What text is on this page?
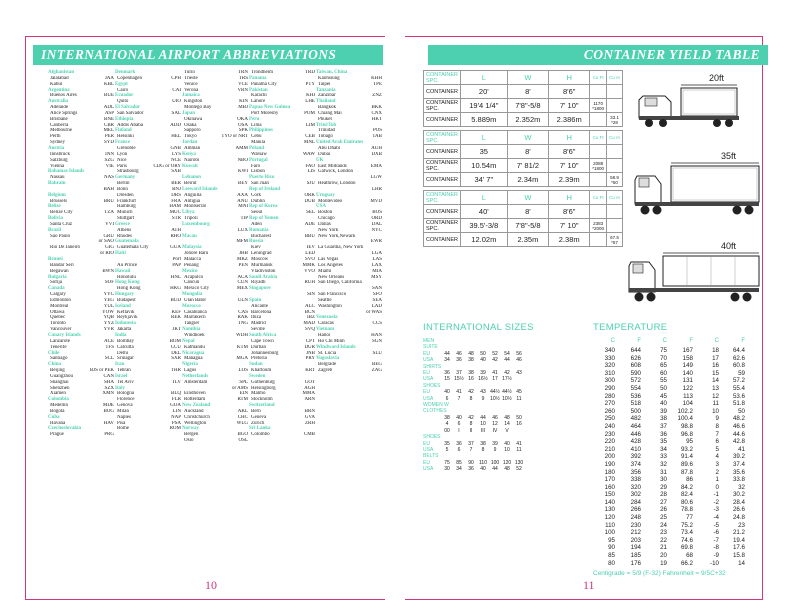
INTERNATIONAL AIRPORT ABBREVIATIONS
Afghanistan
Jalalabad	JAA
Kabul	KBL
Argentina
Buenos Aires	BUE
Australia
Adelaide	ADL
Alice Springs	ASP
Brisbane	BNE
Canberra	CBR
Melbourne	MEL
Perth	PER
Sydney	SYD
Austria
Innsbruck	INN
Salzburg	SZG
Vienna	VIE
Bahamas Islands
Nassau	NAS
Bahrain
BAH
Belgium
Brussels	BRU
Belize
Belize City	TZA
Bolivia
Santa Cruz	VVI
Brazil
Sao Paulo	GRU
or SAO
Rio De Janeiro	GIG
or RIO
Brunei
Bandar Seri
Begawan	BWN
Bulgaria
Sofija	SOF
Canada
Calgary	YYC
Edmonton	YEG
Montreal	YUL
Ottawa	YOW
Quebec	YQB
Toronto	YYZ
Vancouver	YVR
Canary Islands
Lanzarote	ACE
Tenerife	TFS
Chile
Santiago	SCL
China
Beijing	BJS or PEK
Guangzhou	CAN
Shanghai	SHA
Shenzhen	SZX
Xiamen	XMN
Colombia
Medellin	MDE
Bogota	BOG
Cuba
Havana	HAV
Czechoslovakia
Prague	PRG
Denmark
Copenhagen	CPH
Egypt
Cairo	CAI
Ecuador
Quito	UIO
El Salvador
San Salvador	SAL
Ethiopia
Addis Ababa	ADD
Finland
Helsinki	HEL
France
Grenoble	GNB
Lyon	LYS
Nice	NCE
Paris	CDG or ORY
Strasbourg	SXB
Germany
Berlin	BER
Bonn	BNJ
Dresden	DRS
Frankfurt	FRA
Hamburg	HAM
Munich	MUC
Stuttgart	STR
Greece
Athens	ATH
Rhodes	RHO
Guatemala
Guatemala City	GUA
Haiti
Port
Au Prince	PAP
Hawaii
Honolulu	HNL
Hong Kong
Hong Kong	HKG
Hungary
Budapest	BUD
Iceland
Keflavik	KEF
Reykjavik	REK
Indonesia
Jakarta	JKT
India
Bombay	BOM
Calcutta	CCU
Delhi	DEL
Srinagar	SXR
Iran
Tehran	THR
Israel
Tel Aviv	TLV
Italy
Bologna	BLQ
Florence	FLR
Genova	GOA
Milan	LIN
Naples	NAP
Pisa	PSA
Rome	ROM
Turin	TRN
Trieste	TRS
Venice	VCE
Verona	VRN
Jamaica
Kingston	KIN
Montego Bay	MBJ
Japan
Okinawa	OKA
Osaka	OSA
Sapporo	SPK
Tokyo	TYO or NRT
Jordan
Amman	AMM
Kenya
Nairobi	NBO
Kuwait
KWI
Lebanon
Beirut	BEY
Leeward Islands
Anguilla	AXA
Antigua	ANU
Montserrat	MNI
Libya
Tripoli	TIP
Luxembourg
LUX
Macau
MFM
Malaysia
Johore Baru	JHB
Malacca	MKZ
Penang	PEN
Mexico
Acapulco	ACA
Cancun	CUN
Mexico City	MEX
Mongolia
Ulan Bator	ULN
Morocco
Casablanca	CAS
Marrakech	RAK
Tangier	TNG
Namibia
Windhoek	WDH
Nepal
Katmandu	KTM
Nicaragua
Managua	MGA
Nigeria
Lagos	LOS
Netherlands
Amsterdam	SPL
or AMS
Eindhoven	EIN
Rotterdam	RTM
New Zealand
Auckland	AKL
Christchurch	CHC
Wellington	WLG
Norway
Bergen	BGO
Oslo	OSL
Trondheim	TRD
Panama
Panama City	PTY
Pakistan
Karachi	KHI
Lahore	LHE
Papua New Guinea
Port Moresby	POM
Peru
Lima	LIM
Philippines
Cebu	CEB
Manila	MNL
Poland
Warsaw	WAW
Portugal
Faro	FAO
Lisbon	LIS
Puerto Rico
San Juan	SJU
Rep of Ireland
Cork	ORK
Dublin	DUB
Rep of Korea
Seoul	SEL
Rep of Yemen
Aden	ADE
Romania
Bucharest	BBU
Russia
Kiev	IEV
Leningrad	LED
Moscow	SVO
Murmansk	MMK
Vladivostok	VVO
Saudi Arabia
Riyadh	RUH
Singapore
SIN
Spain
Alicante	ALC
Barcelona	BCN
Ibiza	IBZ
Madrid	MAD
Seville	SVQ
South Africa
Cape Town	CPT
Durban	DUR
Johannesburg	JNB
Pretoria	PRY
Sudan
Khartoum	KRT
Sweden
Gothenburg	GOT
Helsingborg	AGH
Malmo	MMA
Stockholm	ARN
Switzerland
Bern	BRN
Geneva	GVA
Zurich	ZRH
Sri Lanka
Colombo	CMB
Taiwan, China
Kaohsiung	KHH
Taipei	TPE
Tanzania
Zanzibar	ZNZ
Thailand
Bangkok	BKK
Chiang Mai	CNX
Phuket	HKT
Trini/Tob
Trinidad	POS
Tobago	TAB
United Arab Emirates
Abu Dhabi	AUH
Dubai	DXB
UK
East Midlands	EMA
Gatwick, London
LGW
Heathrow, London
LHR
Uruguay
Montevideo	MVD
USA
Boston	BOS
Chicago	ORD
Dallas	DAL
New York	NYC
New York,Newark
EWR
La Guardia, New York
LGA
Las Vegas	LAS
Los Angeles	LAX
Miami	MIA
New Orleans	MSY
San Diego, California
SAN
San Francisco	SFO
Seattle	SEA
Washington	LAD
or WAS
Venezuela
Caracas	CCS
Vietnam
Hanoi	HAN
Ho Chi Minh	SGN
Windward Islands
St. Lucia	SLU
Yugoslavia
Belgrade	BEG
Zagreb	ZAG
10
CONTAINER YIELD TABLE
CONTAINER SPC.	L	W	H	Cu Ft	Cu m
CONTAINER	20'	8'	8'6"		
CONTAINER SPC.	19'4 1/4"	7'8"-5/8	7' 10"	1170 *1800	
CONTAINER	5.889m	2.352m	2.386m		33.1 *28

CONTAINER SPC.	L	W	H	Cu Ft	Cu m
CONTAINER	35	8'	8'6"		
CONTAINER SPC.	10.54m	7' 81/2	7' 10"	2088 *1800	
CONTAINER	34' 7"	2.34m	2.39m		58.9 *50

CONTAINER SPC.	L	W	H	Cu Ft	Cu m
CONTAINER	40'	8'	8'6"		
CONTAINER SPC.	39.5'-3/8	7'8"-5/8	7' 10"	2383 *2000	
CONTAINER	12.02m	2.35m	2.38m		67.5 *57
20ft
35ft
40ft
INTERNATIONAL SIZES
MEN
SUITE
EU	44	46	48	50	52	54	56
USA	34	36	38	40	42	44	46
SHIRTS
EU	36	37	38	39	41	42	43
USA	15 15½ 16 16½ 17 17½
SHOES
EU	40	41	42	43 44½ 44½ 45
USA	6	7	8	9	10½ 10½ 11
WOMEN W
CLOTHES
38	40	42	44	46	48	50
4	6	8	10	12	14	16
00	I	II	III	IV	V
SHOES
EU	35	36	37	38	39	40	41
USA	5	6	7	8	9	10	11
BELTS
EU	75	85	90	110 100 120 130
USA	30	34	36	40	44	48	52
TEMPERATURE
C	F	C	F	C	F
340	644	75	167	18	64.4
330	626	70	158	17	62.6
320	608	65	149	16	60.8
310	590	60	140	15	59
300	572	55	131	14	57.2
290	554	50	122	13	55.4
280	536	45	113	12	53.6
270	518	40	104	11	51.8
260	500	39	102.2	10	50
250	482	38	100.4	9	48.2
240	464	37	98.8	8	46.6
230	446	36	96.8	7	44.6
220	428	35	95	6	42.8
210	410	34	93.2	5	41
200	392	33	91.4	4	39.2
190	374	32	89.6	3	37.4
180	356	31	87.8	2	35.6
170	338	30	86	1	33.8
160	320	29	84.2	0	32
150	302	28	82.4	-1	30.2
140	284	27	80.6	-2	28.4
130	266	26	78.8	-3	26.6
120	248	25	77	-4	24.8
110	230	24	75.2	-5	23
100	212	23	73.4	-6	21.2
95	203	22	74.6	-7	19.4
90	194	21	69.8	-8	17.6
85	185	20	68	-9	15.8
80	176	19	66.2	-10	14
Centigrade = 5/9 (F-32) Fahrenheit = 9/5C+32
11
